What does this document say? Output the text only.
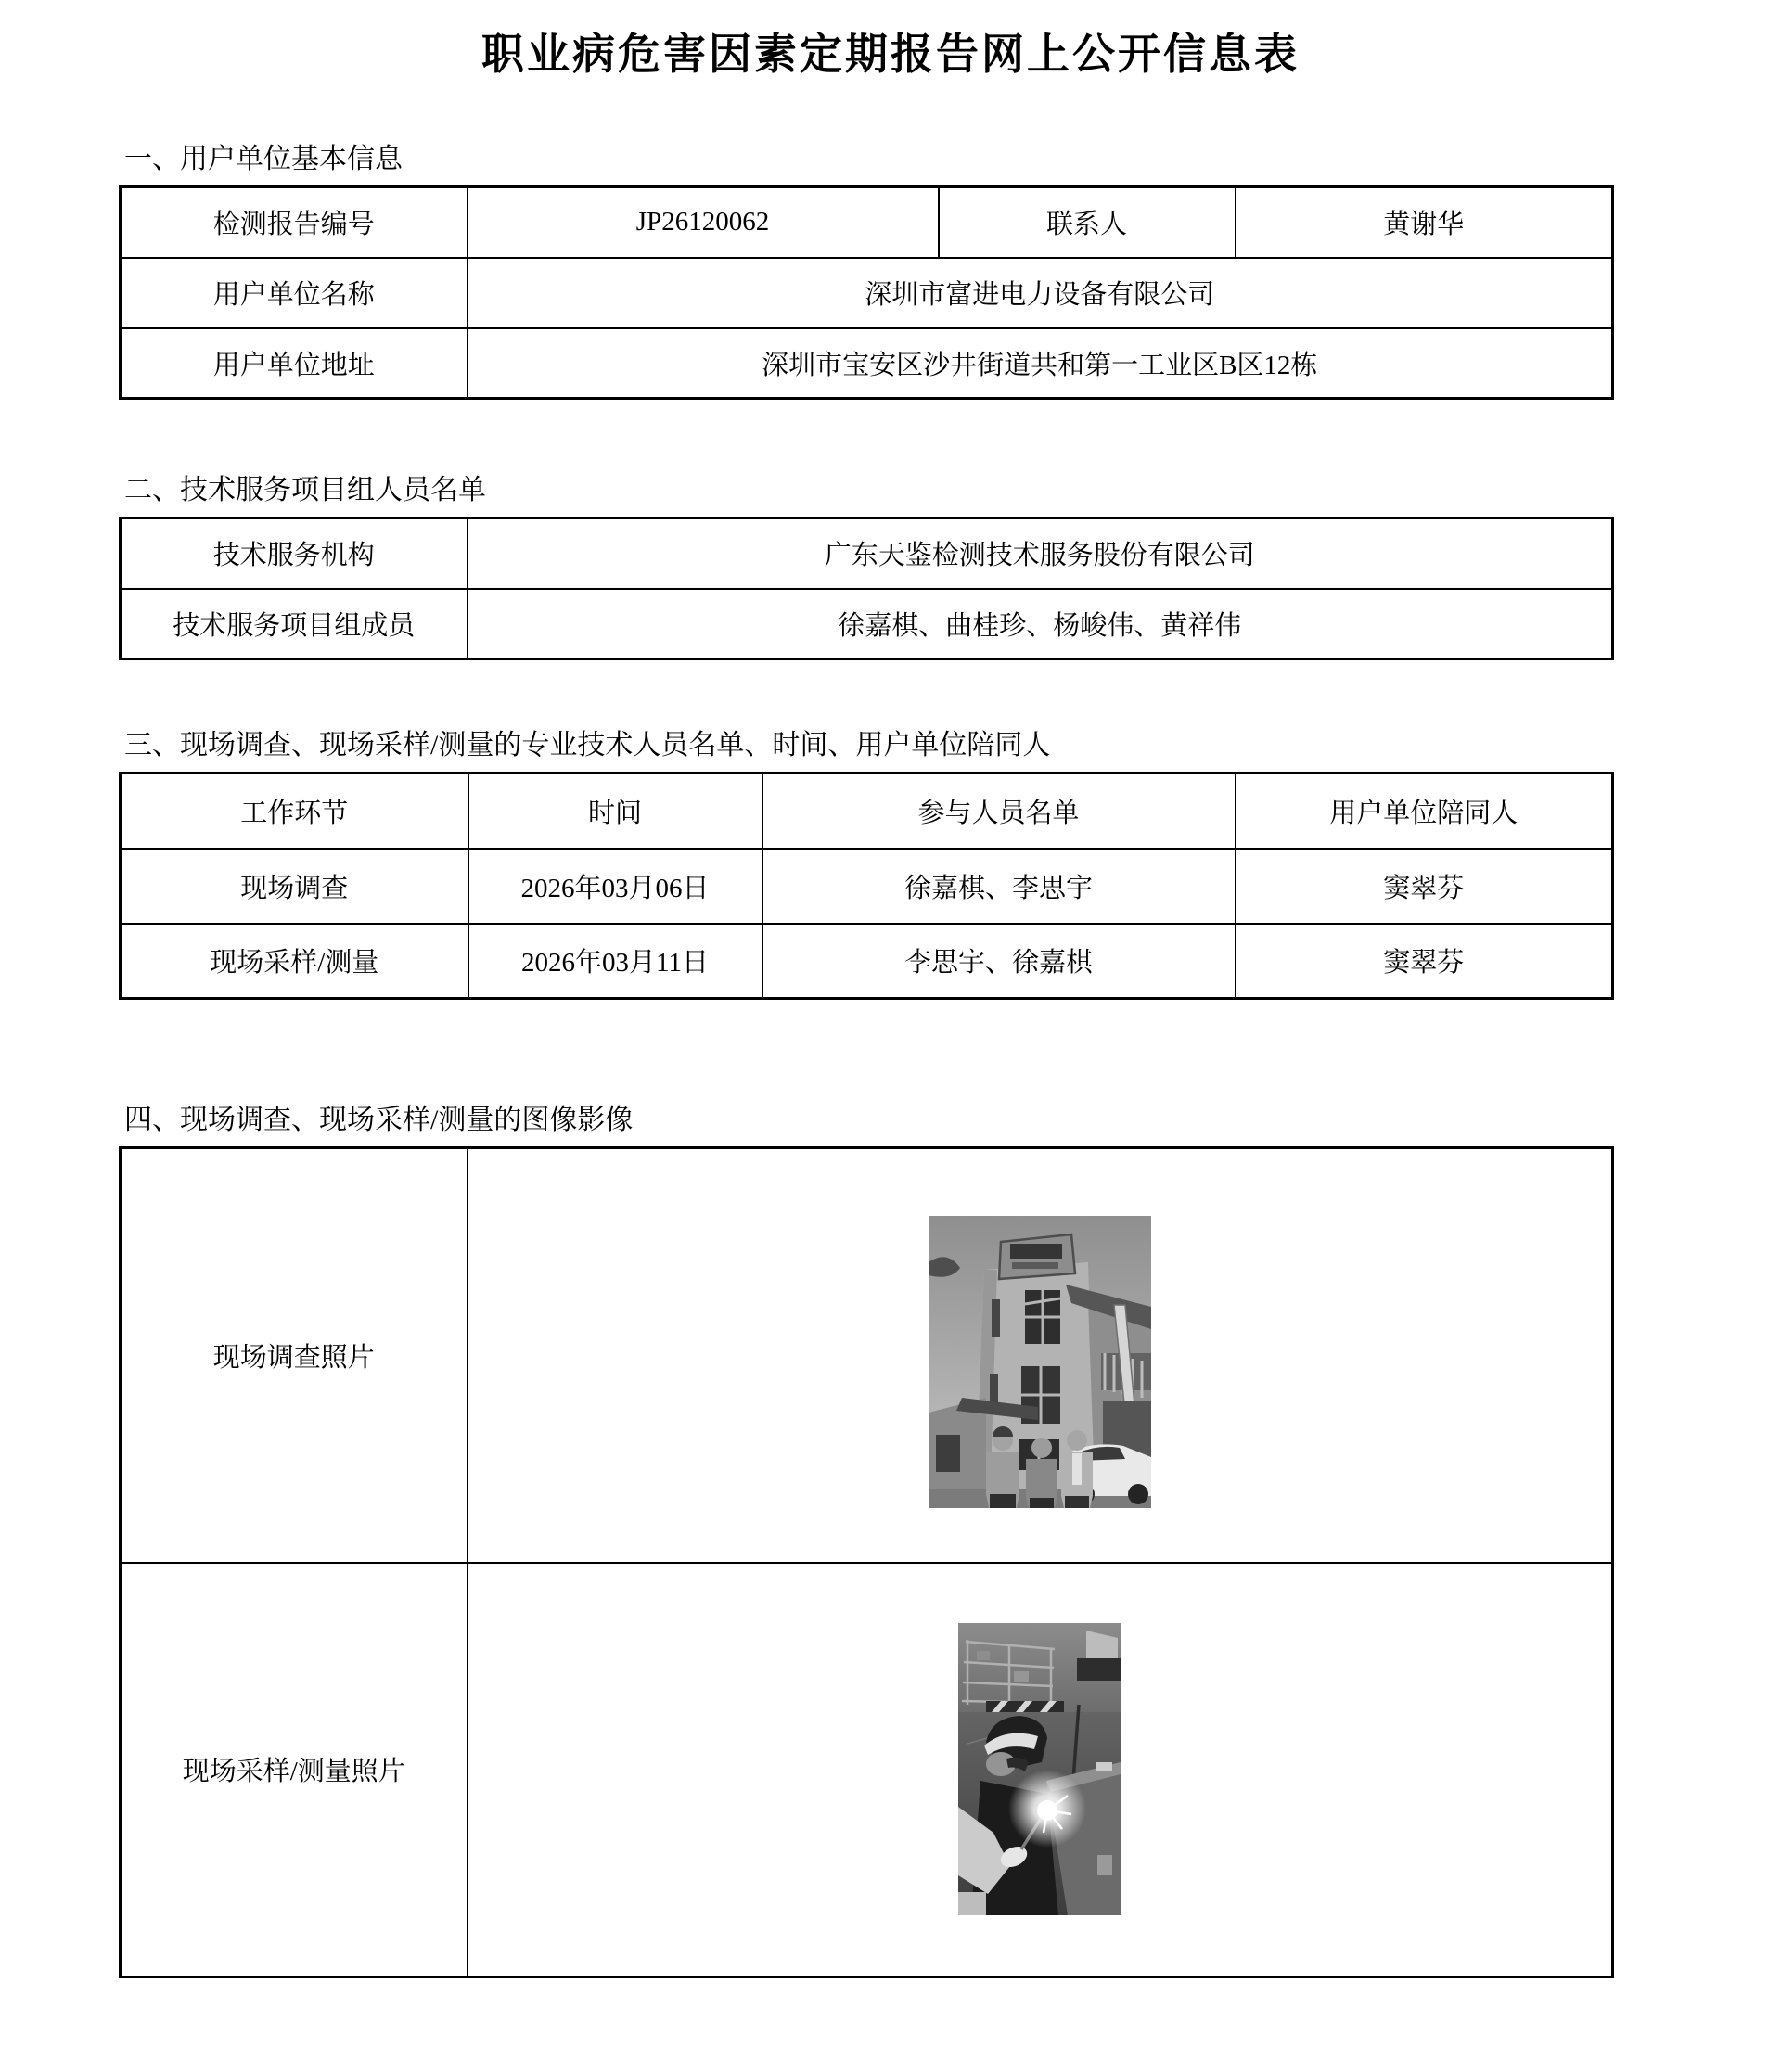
职业病危害因素定期报告网上公开信息表
一、用户单位基本信息
检测报告编号	JP26120062	联系人	黄谢华
用户单位名称	深圳市富进电力设备有限公司		
用户单位地址	深圳市宝安区沙井街道共和第一工业区B区12栋		
二、技术服务项目组人员名单
技术服务机构	广东天鉴检测技术服务股份有限公司
技术服务项目组成员	徐嘉棋、曲桂珍、杨峻伟、黄祥伟
三、现场调查、现场采样/测量的专业技术人员名单、时间、用户单位陪同人
工作环节	时间	参与人员名单	用户单位陪同人
现场调查	2026年03月06日	徐嘉棋、李思宇	窦翠芬
现场采样/测量	2026年03月11日	李思宇、徐嘉棋	窦翠芬
四、现场调查、现场采样/测量的图像影像
现场调查照片	

现场采样/测量照片	
